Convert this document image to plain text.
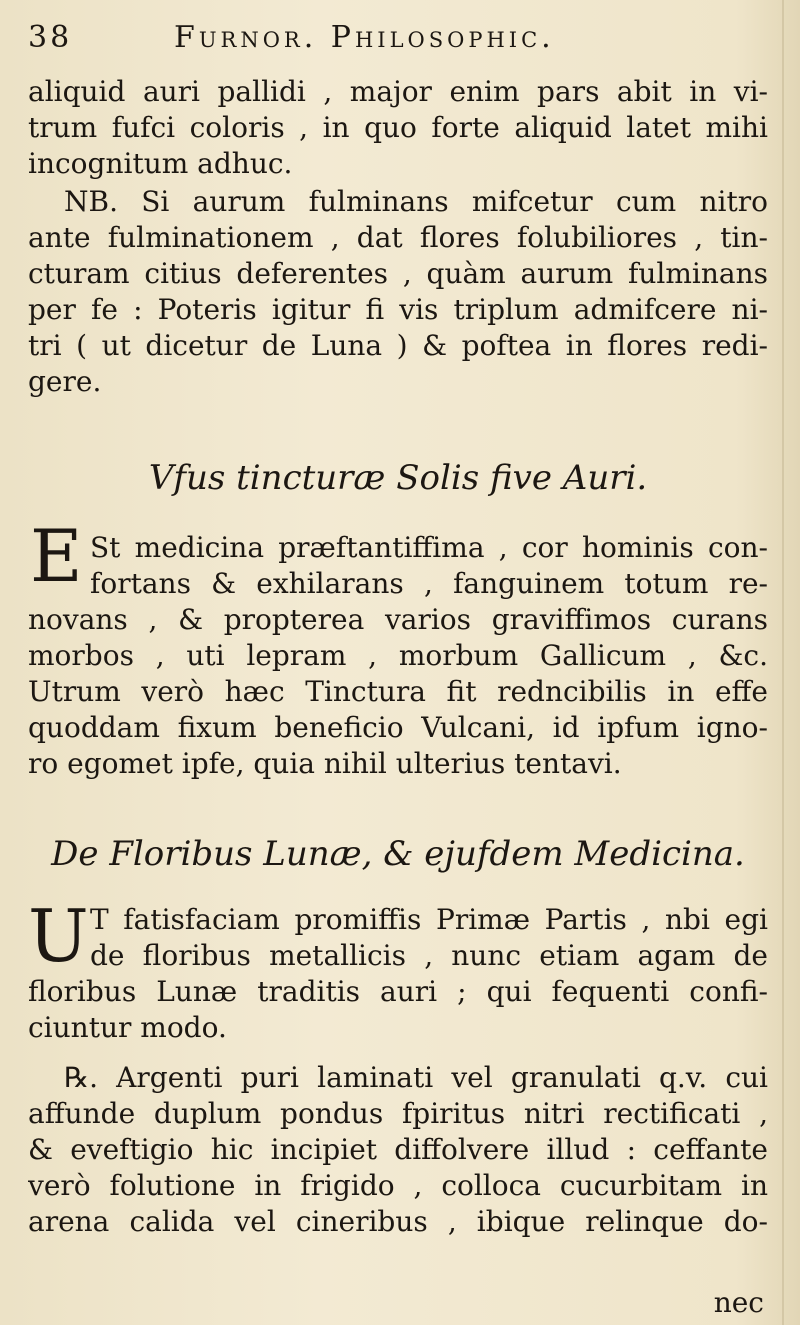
38	Furnor. Philosophic.
aliquid auri pallidi , major enim pars abit in vi-
trum fufci coloris , in quo forte aliquid latet mihi
incognitum adhuc.
NB. Si aurum fulminans mifcetur cum nitro
ante fulminationem , dat flores folubiliores , tin-
cturam citius deferentes , quàm aurum fulminans
per fe : Poteris igitur fi vis triplum admifcere ni-
tri ( ut dicetur de Luna ) & poftea in flores redi-
gere.
Vfus tincturæ Solis five Auri.
E St medicina præftantiffima , cor hominis con-
fortans & exhilarans , fanguinem totum re-
novans , & propterea varios graviffimos curans
morbos , uti lepram , morbum Gallicum , &c.
Utrum verò hæc Tinctura fit redncibilis in effe
quoddam fixum beneficio Vulcani, id ipfum igno-
ro egomet ipfe, quia nihil ulterius tentavi.
De Floribus Lunæ, & ejufdem Medicina.
U T fatisfaciam promiffis Primæ Partis , nbi egi
de floribus metallicis , nunc etiam agam de
floribus Lunæ traditis auri ; qui fequenti confi-
ciuntur modo.
℞. Argenti puri laminati vel granulati q.v. cui
affunde duplum pondus fpiritus nitri rectificati ,
& eveftigio hic incipiet diffolvere illud : ceffante
verò folutione in frigido , colloca cucurbitam in
arena calida vel cineribus , ibique relinque do-
nec
